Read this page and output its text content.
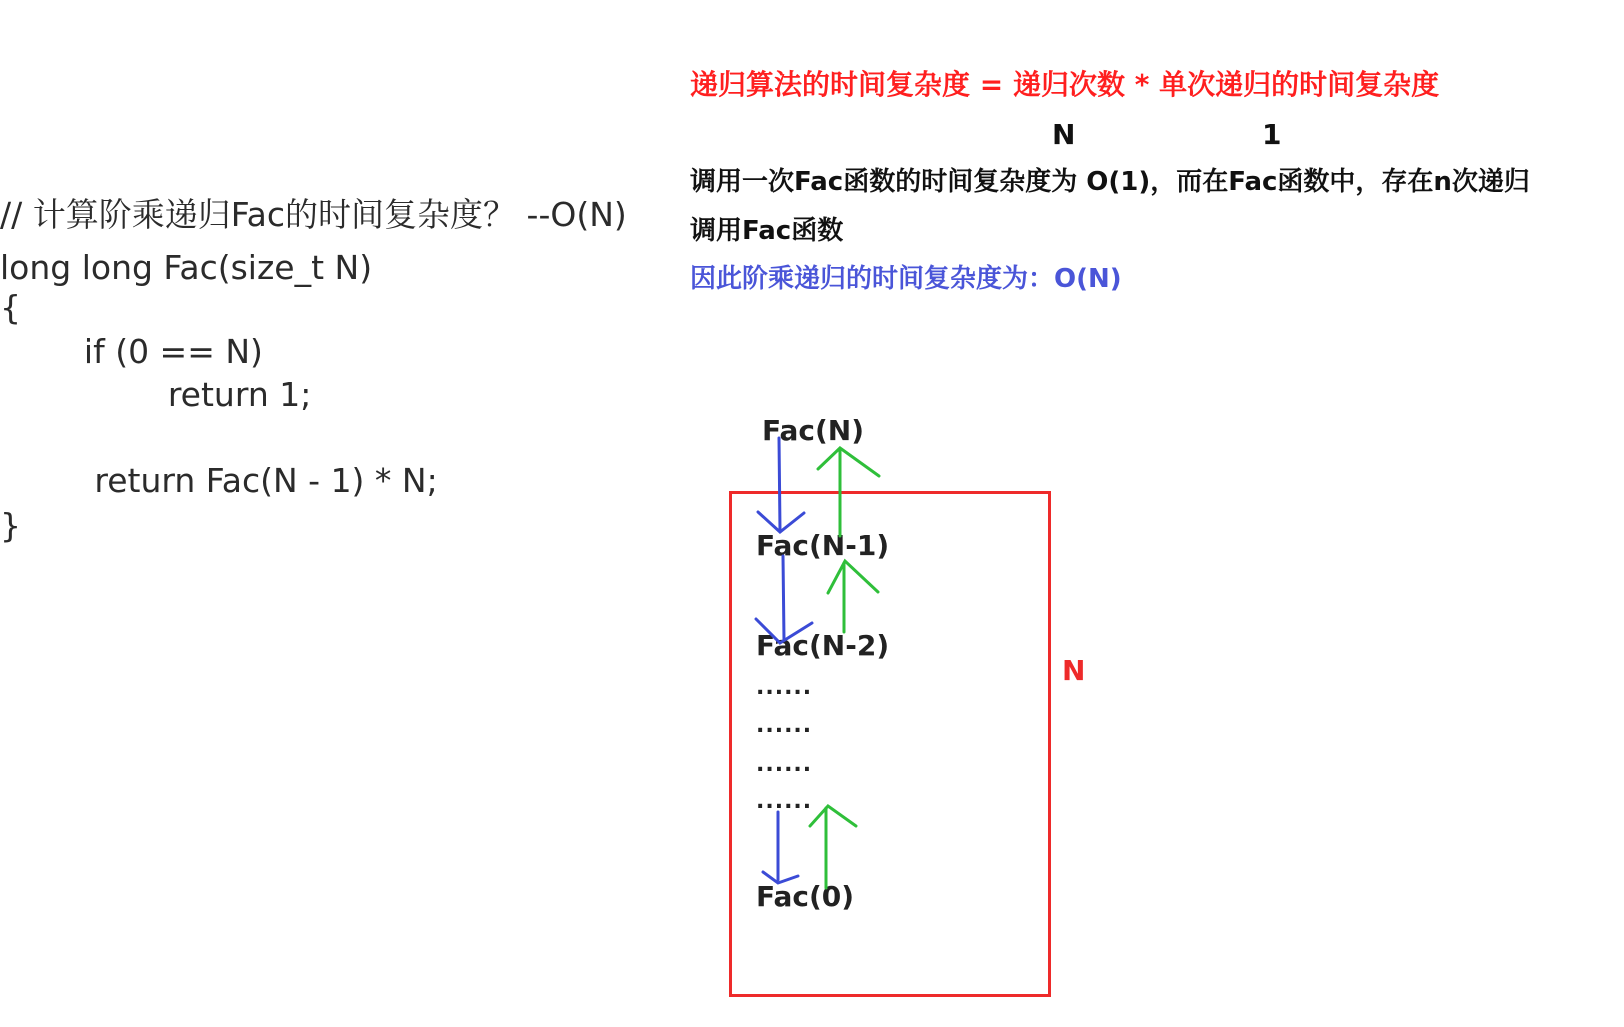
// 计算阶乘递归Fac的时间复杂度？ --O(N)
long long Fac(size_t N)
{
if (0 == N)
return 1;
return Fac(N - 1) * N;
}
递归算法的时间复杂度 = 递归次数 * 单次递归的时间复杂度
N	1
调用一次Fac函数的时间复杂度为 O(1)，而在Fac函数中，存在n次递归
调用Fac函数
因此阶乘递归的时间复杂度为：O(N)
N
Fac(N)
Fac(N-1)
Fac(N-2)
......
......
......
......
Fac(0)
